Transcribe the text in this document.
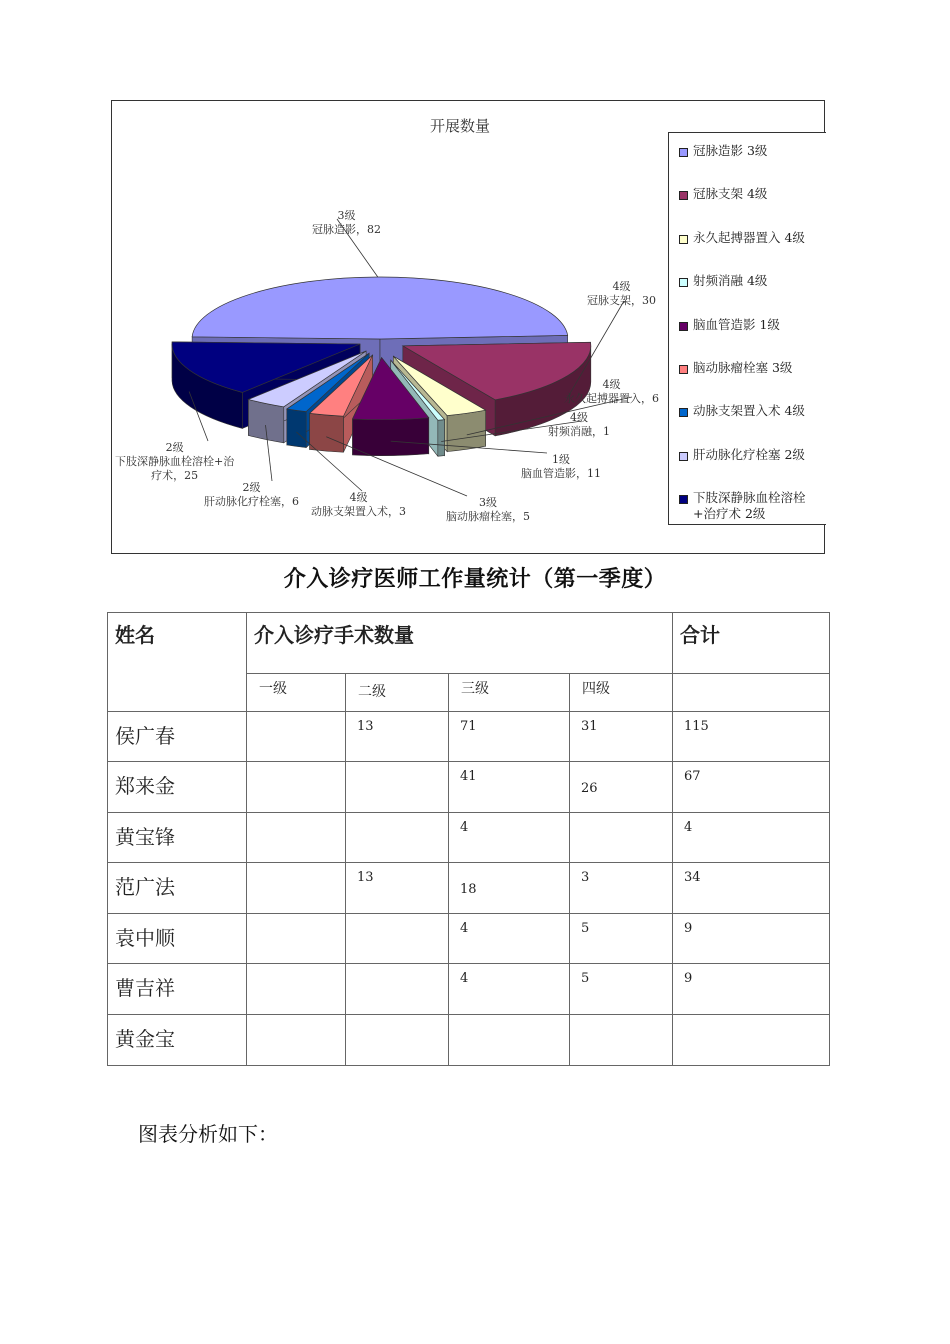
开展数量
3级
冠脉造影，82
4级
冠脉支架，30
4级
永久起搏器置入，6
4级
射频消融，1
1级
脑血管造影，11
3级
脑动脉瘤栓塞，5
4级
动脉支架置入术，3
2级
肝动脉化疗栓塞，6
2级
下肢深静脉血栓溶栓+治
疗术，25
冠脉造影 3级
冠脉支架 4级
永久起搏器置入 4级
射频消融 4级
脑血管造影 1级
脑动脉瘤栓塞 3级
动脉支架置入术 4级
肝动脉化疗栓塞 2级
下肢深静脉血栓溶栓+治疗术 2级
介入诊疗医师工作量统计（第一季度）
姓名	介入诊疗手术数量				合计
	一级	二级	三级	四级	
侯广春		13	71	31	115
郑来金			41	26	67
黄宝锋			4		4
范广法		13	18	3	34
袁中顺			4	5	9
曹吉祥			4	5	9
黄金宝					
图表分析如下：
